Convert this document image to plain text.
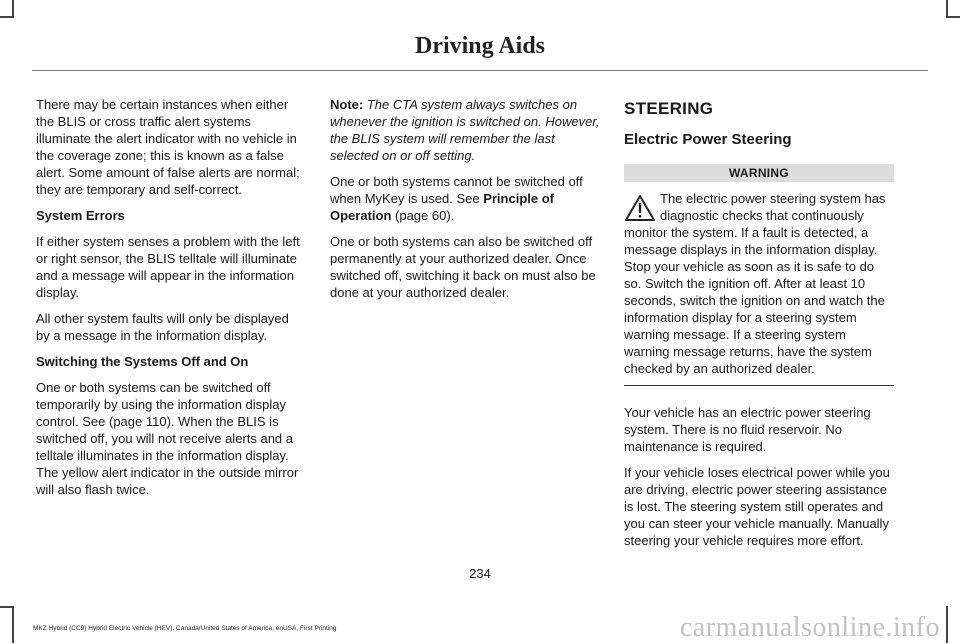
Driving Aids

There may be certain instances when either the BLIS or cross traffic alert systems illuminate the alert indicator with no vehicle in the coverage zone; this is known as a false alert. Some amount of false alerts are normal; they are temporary and self-correct.

System Errors

If either system senses a problem with the left or right sensor, the BLIS telltale will illuminate and a message will appear in the information display.

All other system faults will only be displayed by a message in the information display.

Switching the Systems Off and On

One or both systems can be switched off temporarily by using the information display control. See (page 110). When the BLIS is switched off, you will not receive alerts and a telltale illuminates in the information display. The yellow alert indicator in the outside mirror will also flash twice.

Note: The CTA system always switches on whenever the ignition is switched on. However, the BLIS system will remember the last selected on or off setting.

One or both systems cannot be switched off when MyKey is used. See Principle of Operation (page 60).

One or both systems can also be switched off permanently at your authorized dealer. Once switched off, switching it back on must also be done at your authorized dealer.

STEERING
Electric Power Steering
WARNING
The electric power steering system has diagnostic checks that continuously monitor the system. If a fault is detected, a message displays in the information display. Stop your vehicle as soon as it is safe to do so. Switch the ignition off. After at least 10 seconds, switch the ignition on and watch the information display for a steering system warning message. If a steering system warning message returns, have the system checked by an authorized dealer.

Your vehicle has an electric power steering system. There is no fluid reservoir. No maintenance is required.

If your vehicle loses electrical power while you are driving, electric power steering assistance is lost. The steering system still operates and you can steer your vehicle manually. Manually steering your vehicle requires more effort.

234
MKZ Hybrid (CC9) Hybrid Electric Vehicle (HEV), Canada/United States of America, enUSA, First Printing	carmanualsonline.info
